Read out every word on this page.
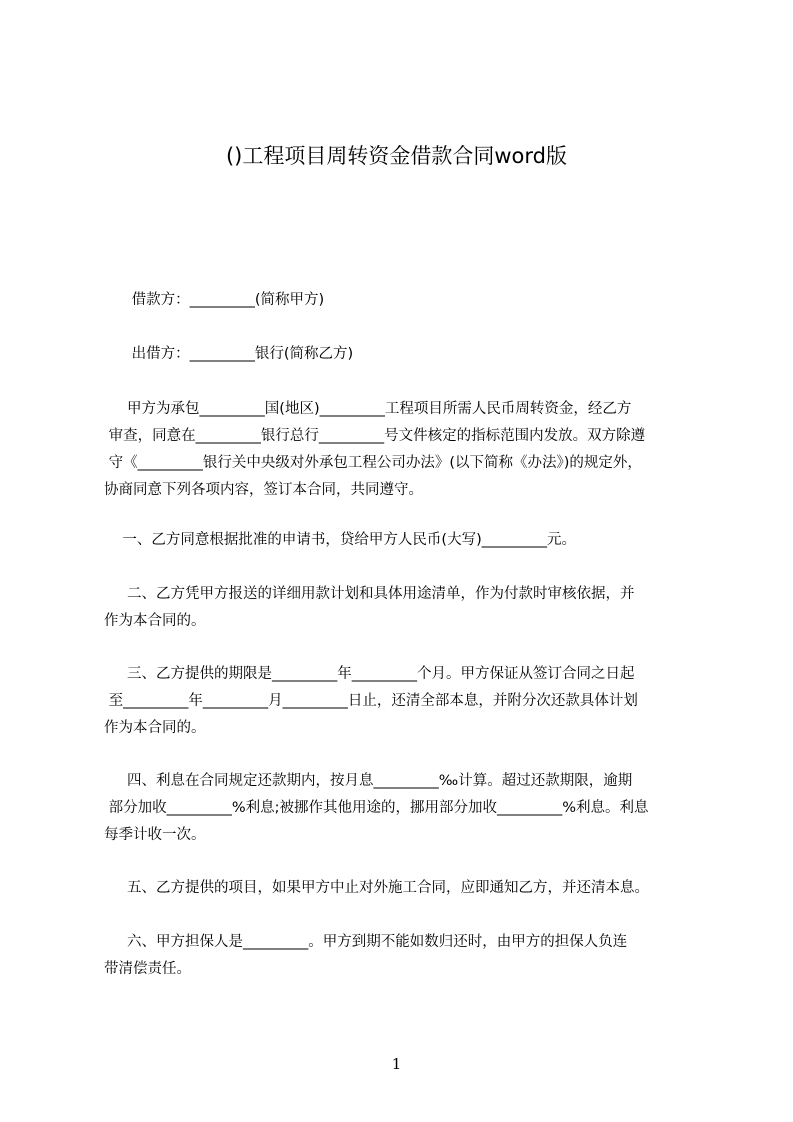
()工程项目周转资金借款合同word版
借款方：_________(简称甲方)
出借方：_________银行(简称乙方)
甲方为承包_________国(地区)_________工程项目所需人民币周转资金，经乙方
审查，同意在_________银行总行_________号文件核定的指标范围内发放。双方除遵
守《_________银行关中央级对外承包工程公司办法》(以下简称《办法》)的规定外，
协商同意下列各项内容，签订本合同，共同遵守。
一、乙方同意根据批准的申请书，贷给甲方人民币(大写)_________元。
二、乙方凭甲方报送的详细用款计划和具体用途清单，作为付款时审核依据，并
作为本合同的。
三、乙方提供的期限是_________年_________个月。甲方保证从签订合同之日起
至_________年_________月_________日止，还清全部本息，并附分次还款具体计划
作为本合同的。
四、利息在合同规定还款期内，按月息_________‰计算。超过还款期限，逾期
部分加收_________%利息;被挪作其他用途的，挪用部分加收_________%利息。利息
每季计收一次。
五、乙方提供的项目，如果甲方中止对外施工合同，应即通知乙方，并还清本息。
六、甲方担保人是_________。甲方到期不能如数归还时，由甲方的担保人负连
带清偿责任。
1
